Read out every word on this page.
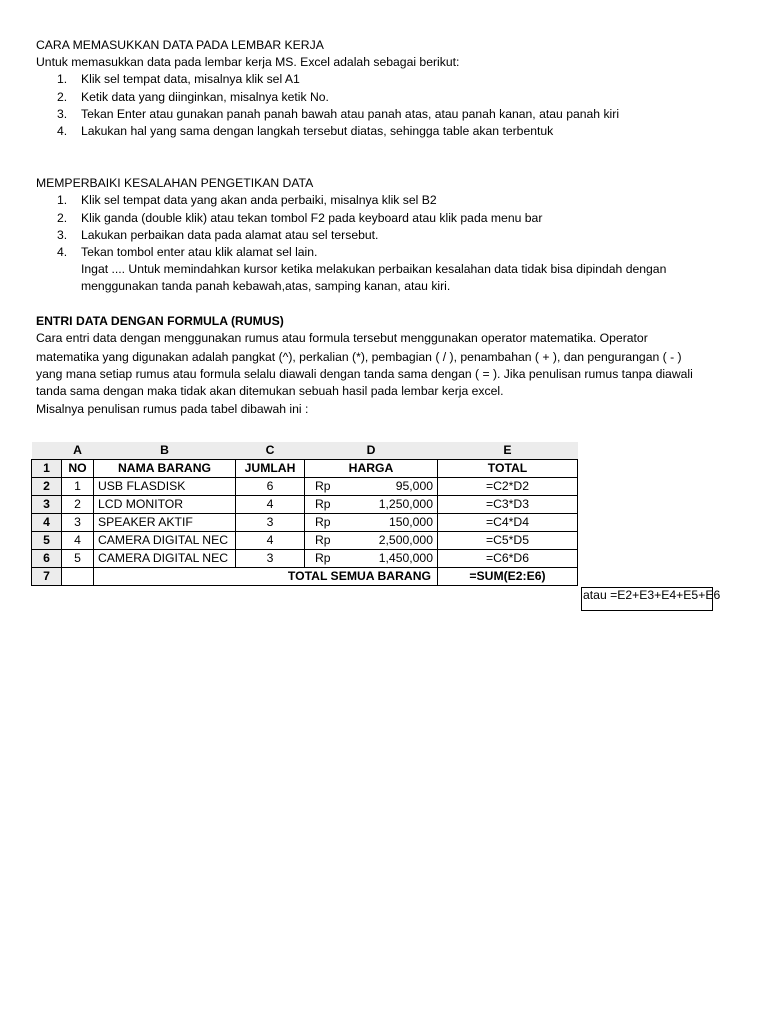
CARA MEMASUKKAN DATA PADA LEMBAR KERJA
Untuk memasukkan data pada lembar kerja MS. Excel adalah sebagai berikut:
1. Klik sel tempat data, misalnya klik sel A1
2. Ketik data yang diinginkan, misalnya ketik No.
3. Tekan Enter atau gunakan panah panah bawah atau panah atas, atau panah kanan, atau panah kiri
4. Lakukan hal yang sama dengan langkah tersebut diatas, sehingga table akan terbentuk
MEMPERBAIKI KESALAHAN PENGETIKAN DATA
1. Klik sel tempat data yang akan anda perbaiki, misalnya klik sel B2
2. Klik ganda (double klik) atau tekan tombol F2 pada keyboard atau klik pada menu bar
3. Lakukan perbaikan data pada alamat atau sel tersebut.
4. Tekan tombol enter atau klik alamat sel lain.
Ingat .... Untuk memindahkan kursor ketika melakukan perbaikan kesalahan data tidak bisa dipindah dengan
menggunakan tanda panah kebawah,atas, samping kanan, atau kiri.
ENTRI DATA DENGAN FORMULA (RUMUS)
Cara entri data dengan menggunakan rumus atau formula tersebut menggunakan operator matematika. Operator
matematika yang digunakan adalah pangkat (^), perkalian (*), pembagian ( / ), penambahan ( + ), dan pengurangan ( - )
yang mana setiap rumus atau formula selalu diawali dengan tanda sama dengan ( = ). Jika penulisan rumus tanpa diawali
tanda sama dengan maka tidak akan ditemukan sebuah hasil pada lembar kerja excel.
Misalnya penulisan rumus pada tabel dibawah ini :
	A	B	C	D		E
1	NO	NAMA BARANG	JUMLAH	HARGA		TOTAL
2	1	USB FLASDISK	6	Rp	95,000	=C2*D2
3	2	LCD MONITOR	4	Rp	1,250,000	=C3*D3
4	3	SPEAKER AKTIF	3	Rp	150,000	=C4*D4
5	4	CAMERA DIGITAL NEC	4	Rp	2,500,000	=C5*D5
6	5	CAMERA DIGITAL NEC	3	Rp	1,450,000	=C6*D6
7		TOTAL SEMUA BARANG				=SUM(E2:E6)
atau =E2+E3+E4+E5+E6
